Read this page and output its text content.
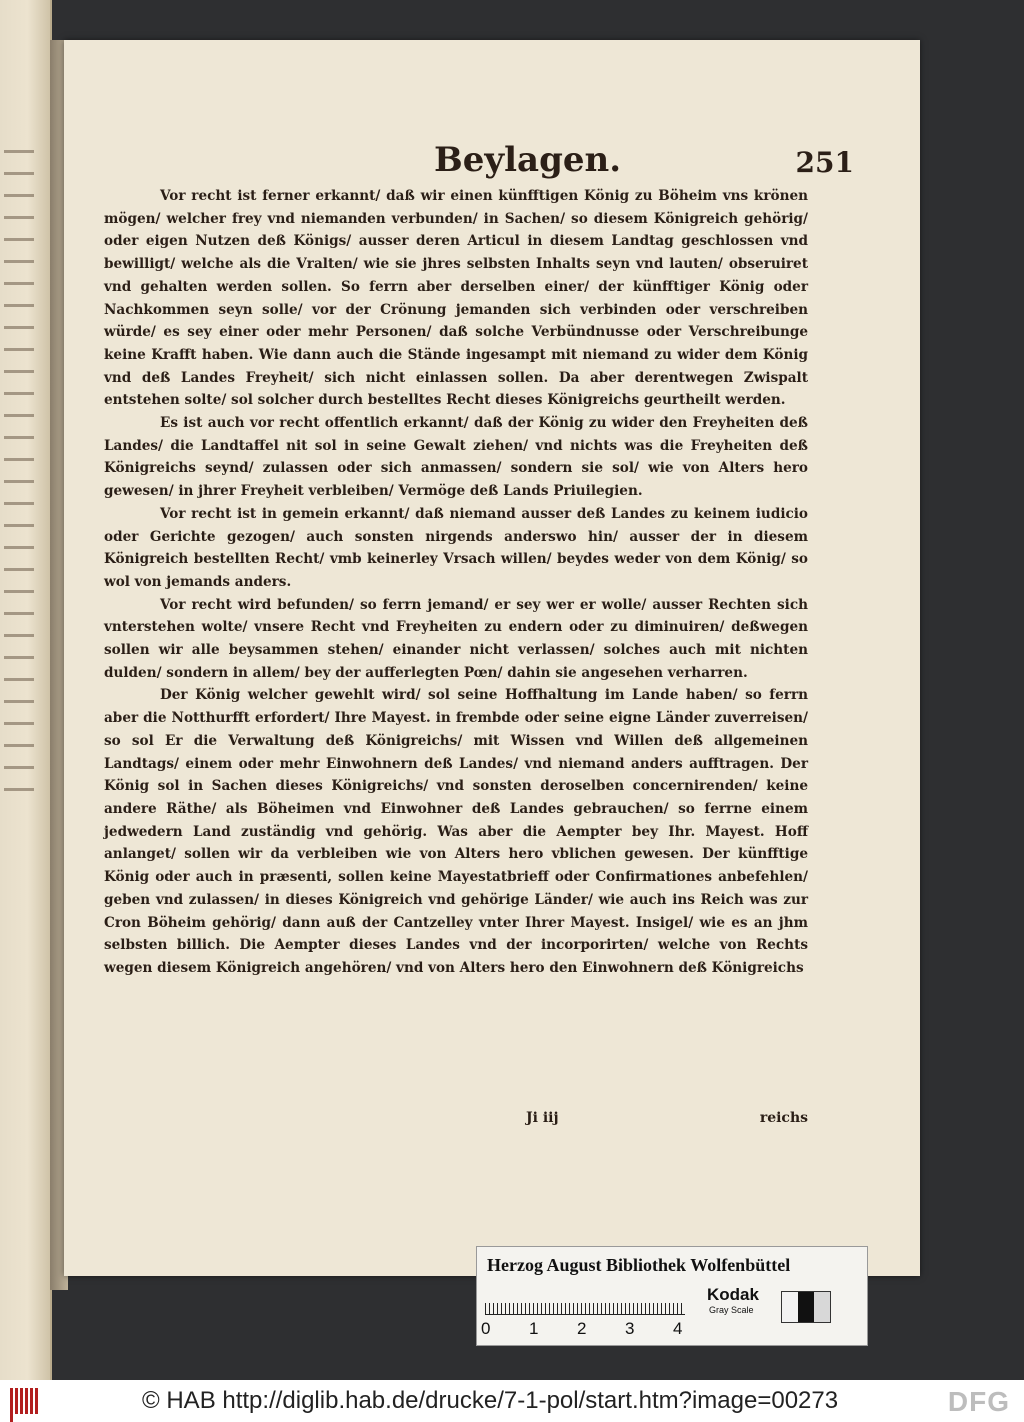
Beylagen.	251

Vor recht ist ferner erkannt/ daß wir einen künfftigen König zu Böheim vns krönen mögen/ welcher frey vnd niemanden verbunden/ in Sachen/ so diesem Königreich gehörig/ oder eigen Nutzen deß Königs/ ausser deren Articul in diesem Landtag geschlossen vnd bewilligt/ welche als die Vralten/ wie sie jhres selbsten Inhalts seyn vnd lauten/ obseruiret vnd gehalten werden sollen. So ferrn aber derselben einer/ der künfftiger König oder Nachkommen seyn solle/ vor der Crönung jemanden sich verbinden oder verschreiben würde/ es sey einer oder mehr Personen/ daß solche Verbündnusse oder Verschreibunge keine Krafft haben. Wie dann auch die Stände ingesampt mit niemand zu wider dem König vnd deß Landes Freyheit/ sich nicht einlassen sollen. Da aber derentwegen Zwispalt entstehen solte/ sol solcher durch bestelltes Recht dieses Königreichs geurtheilt werden.

Es ist auch vor recht offentlich erkannt/ daß der König zu wider den Freyheiten deß Landes/ die Landtaffel nit sol in seine Gewalt ziehen/ vnd nichts was die Freyheiten deß Königreichs seynd/ zulassen oder sich anmassen/ sondern sie sol/ wie von Alters hero gewesen/ in jhrer Freyheit verbleiben/ Vermöge deß Lands Priuilegien.

Vor recht ist in gemein erkannt/ daß niemand ausser deß Landes zu keinem iudicio oder Gerichte gezogen/ auch sonsten nirgends anderswo hin/ ausser der in diesem Königreich bestellten Recht/ vmb keinerley Vrsach willen/ beydes weder von dem König/ so wol von jemands anders.

Vor recht wird befunden/ so ferrn jemand/ er sey wer er wolle/ ausser Rechten sich vnterstehen wolte/ vnsere Recht vnd Freyheiten zu endern oder zu diminuiren/ deßwegen sollen wir alle beysammen stehen/ einander nicht verlassen/ solches auch mit nichten dulden/ sondern in allem/ bey der aufferlegten Pœn/ dahin sie angesehen verharren.

Der König welcher gewehlt wird/ sol seine Hoffhaltung im Lande haben/ so ferrn aber die Notthurfft erfordert/ Ihre Mayest. in frembde oder seine eigne Länder zuverreisen/ so sol Er die Verwaltung deß Königreichs/ mit Wissen vnd Willen deß allgemeinen Landtags/ einem oder mehr Einwohnern deß Landes/ vnd niemand anders aufftragen. Der König sol in Sachen dieses Königreichs/ vnd sonsten deroselben concernirenden/ keine andere Räthe/ als Böheimen vnd Einwohner deß Landes gebrauchen/ so ferrne einem jedwedern Land zuständig vnd gehörig. Was aber die Aempter bey Ihr. Mayest. Hoff anlanget/ sollen wir da verbleiben wie von Alters hero vblichen gewesen. Der künfftige König oder auch in præsenti, sollen keine Mayestatbrieff oder Confirmationes anbefehlen/ geben vnd zulassen/ in dieses Königreich vnd gehörige Länder/ wie auch ins Reich was zur Cron Böheim gehörig/ dann auß der Cantzelley vnter Ihrer Mayest. Insigel/ wie es an jhm selbsten billich. Die Aempter dieses Landes vnd der incorporirten/ welche von Rechts wegen diesem Königreich angehören/ vnd von Alters hero den Einwohnern deß Königreichs

Ji iij	reichs
Herzog August Bibliothek Wolfenbüttel
0 1 2 3 4
Kodak
Gray Scale
© HAB http://diglib.hab.de/drucke/7-1-pol/start.htm?image=00273	DFG
